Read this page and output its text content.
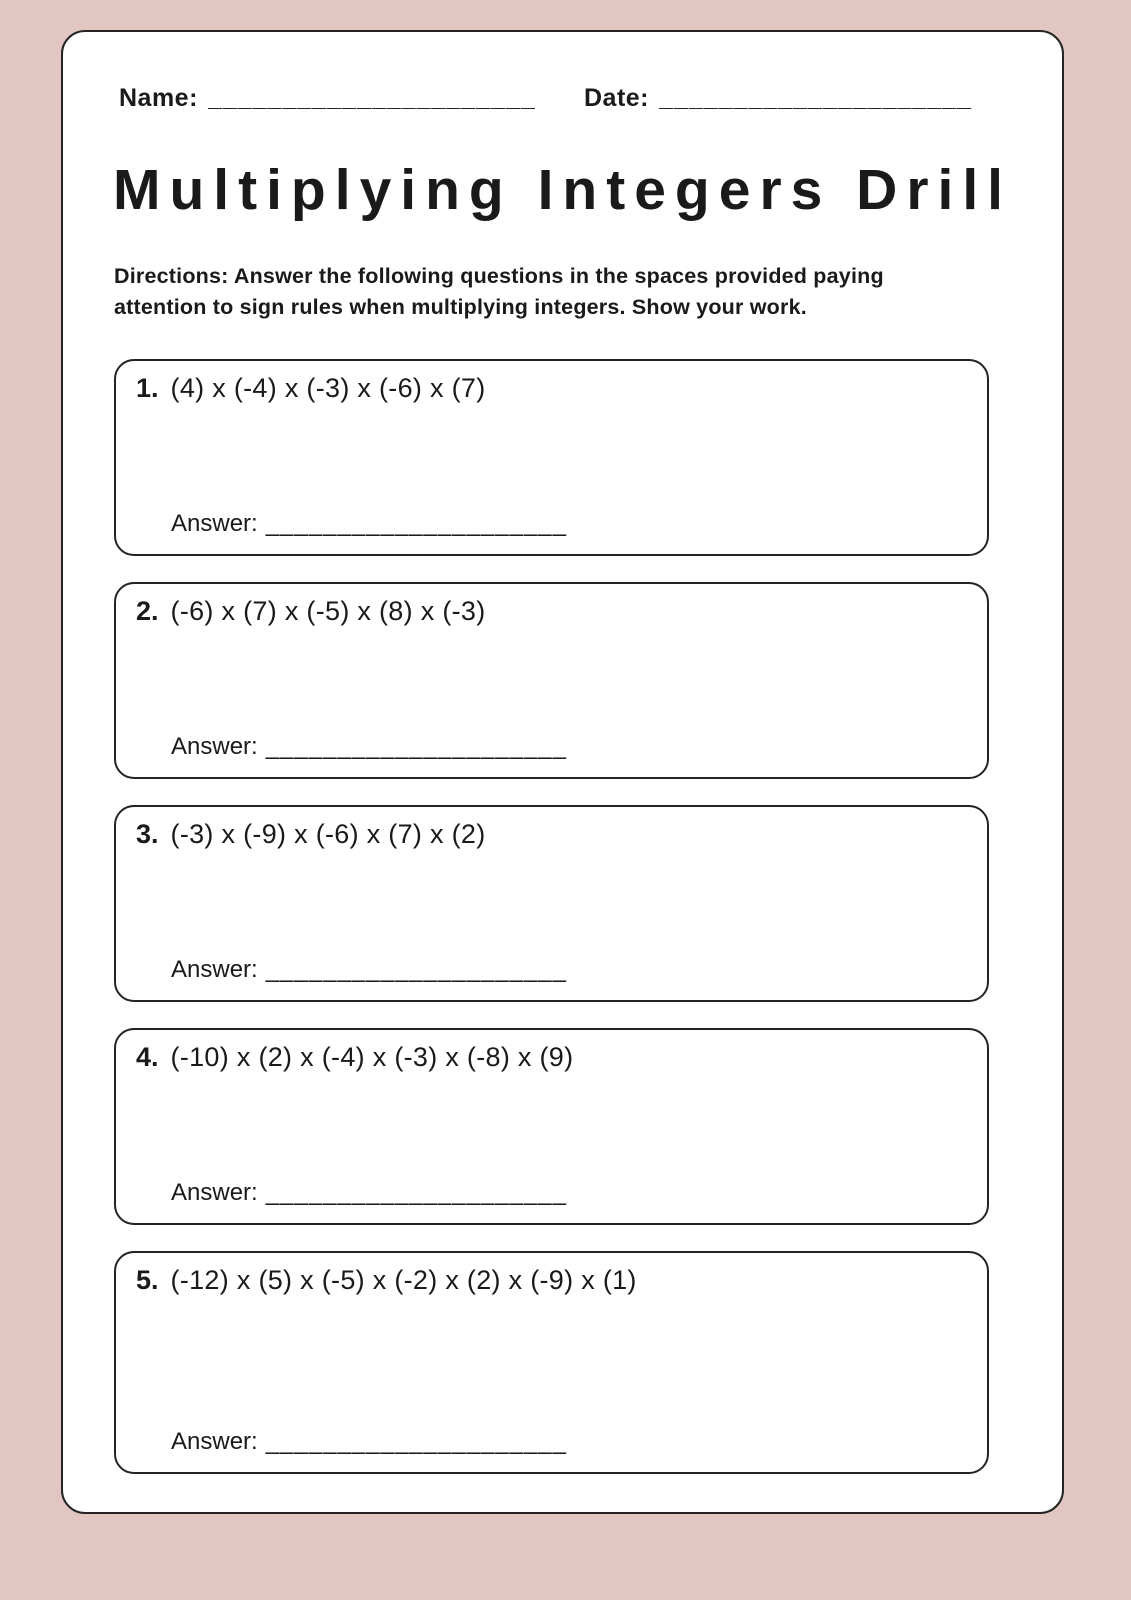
Name: ______________________ Date: _____________________
Multiplying Integers Drill

Directions: Answer the following questions in the spaces provided paying attention to sign rules when multiplying integers. Show your work.

1. (4) x (-4) x (-3) x (-6) x (7)
Answer: _____________________
2. (-6) x (7) x (-5) x (8) x (-3)
Answer: _____________________
3. (-3) x (-9) x (-6) x (7) x (2)
Answer: _____________________
4. (-10) x (2) x (-4) x (-3) x (-8) x (9)
Answer: _____________________
5. (-12) x (5) x (-5) x (-2) x (2) x (-9) x (1)
Answer: _____________________
